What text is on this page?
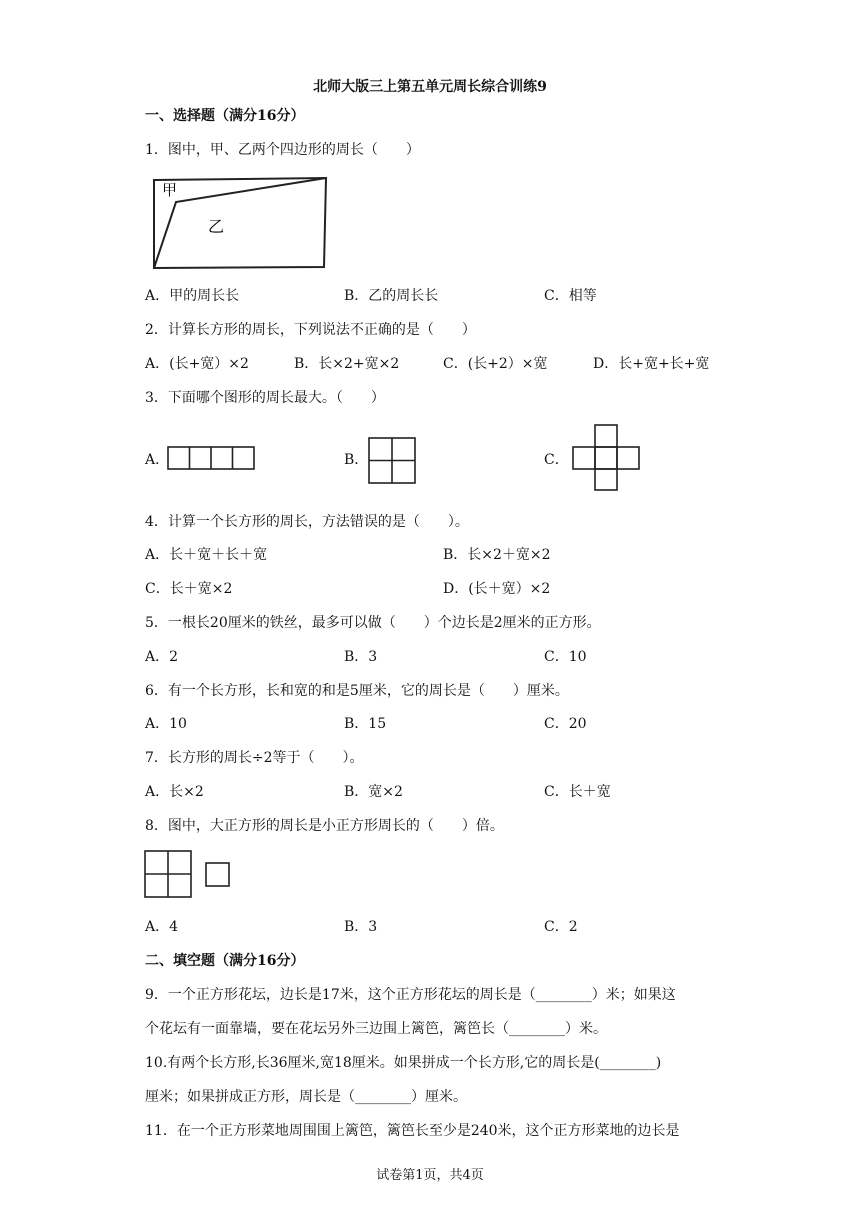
北师大版三上第五单元周长综合训练9
一、选择题（满分16分）
1．图中，甲、乙两个四边形的周长（　　）
甲
乙
A．甲的周长长	B．乙的周长长	C．相等
2．计算长方形的周长，下列说法不正确的是（　　）
A．(长+宽）×2	B．长×2+宽×2	C．(长+2）×宽	D．长+宽+长+宽
3．下面哪个图形的周长最大。（　　）
A．	B．	C．
4．计算一个长方形的周长，方法错误的是（　　）。
A．长＋宽＋长＋宽	B．长×2＋宽×2
C．长＋宽×2	D．(长＋宽）×2
5．一根长20厘米的铁丝，最多可以做（　　）个边长是2厘米的正方形。
A．2	B．3	C．10
6．有一个长方形，长和宽的和是5厘米，它的周长是（　　）厘米。
A．10	B．15	C．20
7．长方形的周长÷2等于（　　）。
A．长×2	B．宽×2	C．长＋宽
8．图中，大正方形的周长是小正方形周长的（　　）倍。
A．4	B．3	C．2
二、填空题（满分16分）
9．一个正方形花坛，边长是17米，这个正方形花坛的周长是（________）米；如果这
个花坛有一面靠墙，要在花坛另外三边围上篱笆，篱笆长（________）米。
10.有两个长方形,长36厘米,宽18厘米。如果拼成一个长方形,它的周长是(________)
厘米；如果拼成正方形，周长是（________）厘米。
11．在一个正方形菜地周围围上篱笆，篱笆长至少是240米，这个正方形菜地的边长是
试卷第1页，共4页
